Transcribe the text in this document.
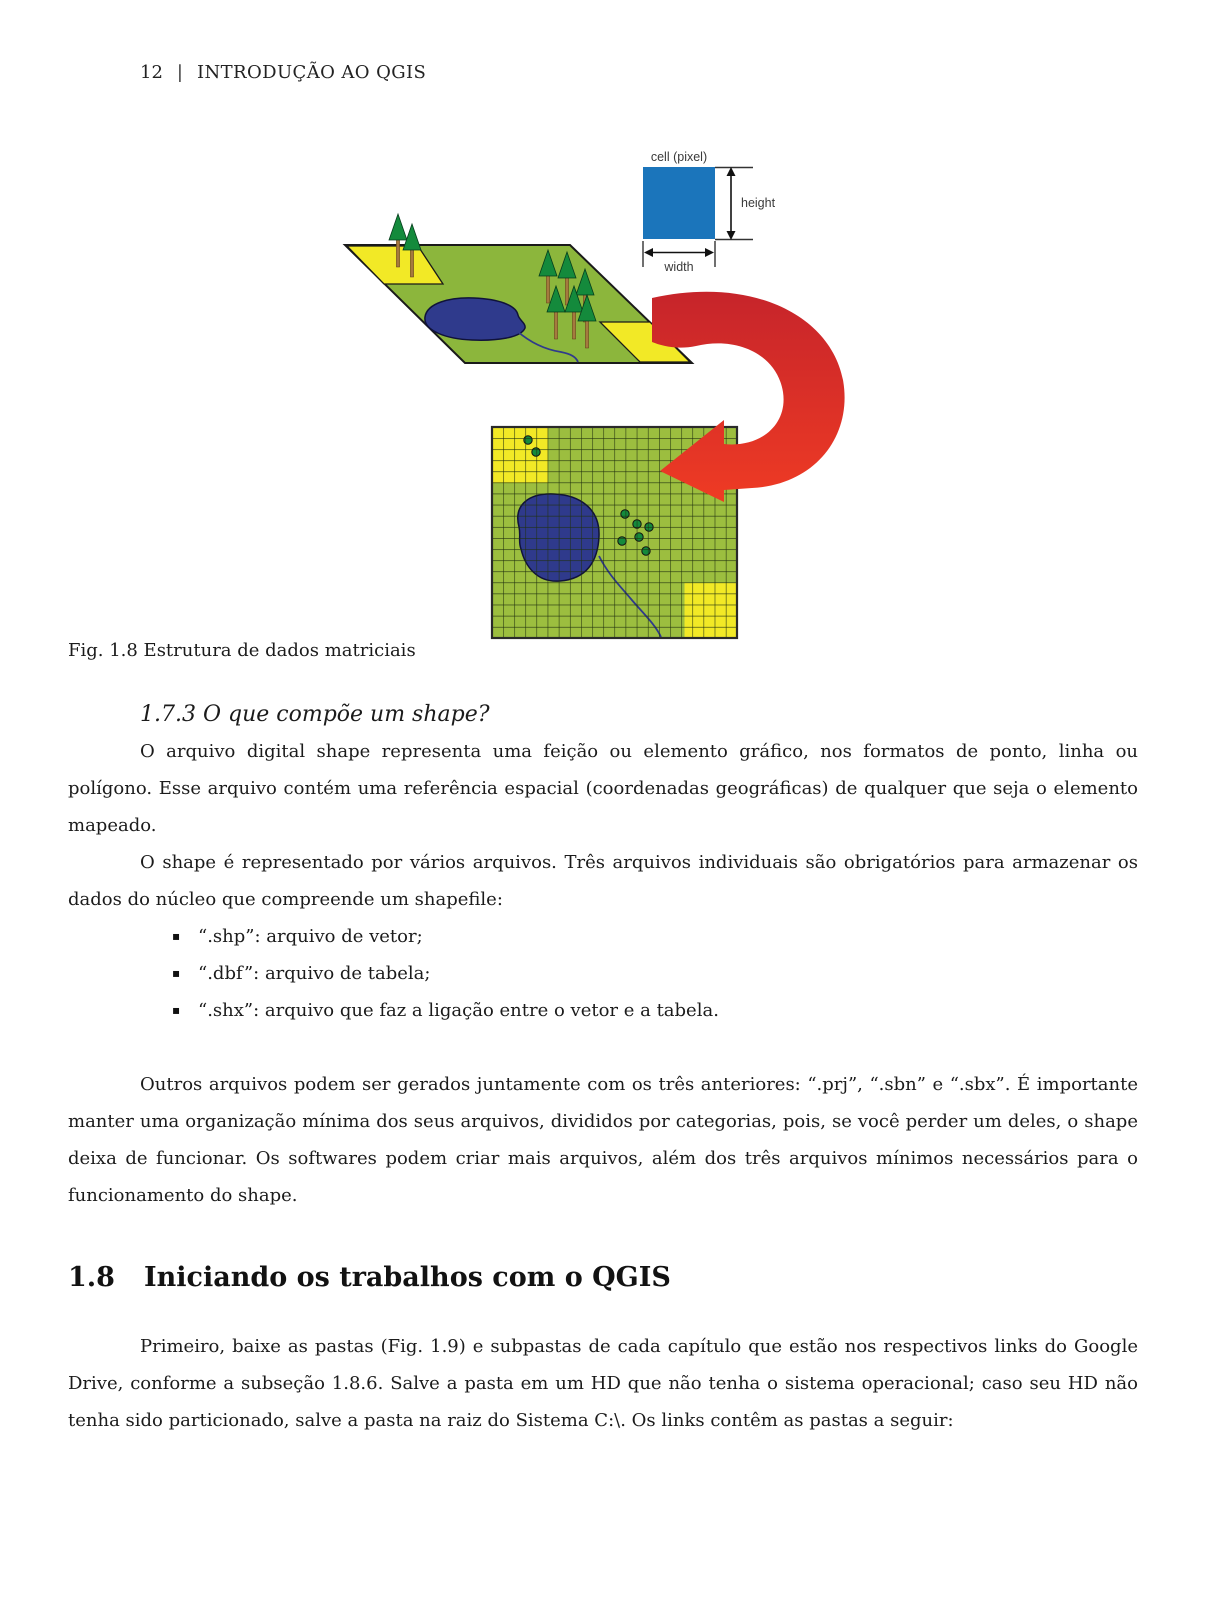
12 | INTRODUÇÃO AO QGIS
cell (pixel)
height
width
Fig. 1.8 Estrutura de dados matriciais
1.7.3 O que compõe um shape?

O arquivo digital shape representa uma feição ou elemento gráfico, nos formatos de ponto, linha ou polígono. Esse arquivo contém uma referência espacial (coordenadas geográficas) de qualquer que seja o elemento mapeado.

O shape é representado por vários arquivos. Três arquivos individuais são obrigatórios para armazenar os dados do núcleo que compreende um shapefile:

▪ “.shp”: arquivo de vetor;
▪ “.dbf”: arquivo de tabela;
▪ “.shx”: arquivo que faz a ligação entre o vetor e a tabela.

Outros arquivos podem ser gerados juntamente com os três anteriores: “.prj”, “.sbn” e “.sbx”. É importante manter uma organização mínima dos seus arquivos, divididos por categorias, pois, se você perder um deles, o shape deixa de funcionar. Os softwares podem criar mais arquivos, além dos três arquivos mínimos necessários para o funcionamento do shape.

1.8 Iniciando os trabalhos com o QGIS

Primeiro, baixe as pastas (Fig. 1.9) e subpastas de cada capítulo que estão nos respectivos links do Google Drive, conforme a subseção 1.8.6. Salve a pasta em um HD que não tenha o sistema operacional; caso seu HD não tenha sido particionado, salve a pasta na raiz do Sistema C:\. Os links contêm as pastas a seguir:
